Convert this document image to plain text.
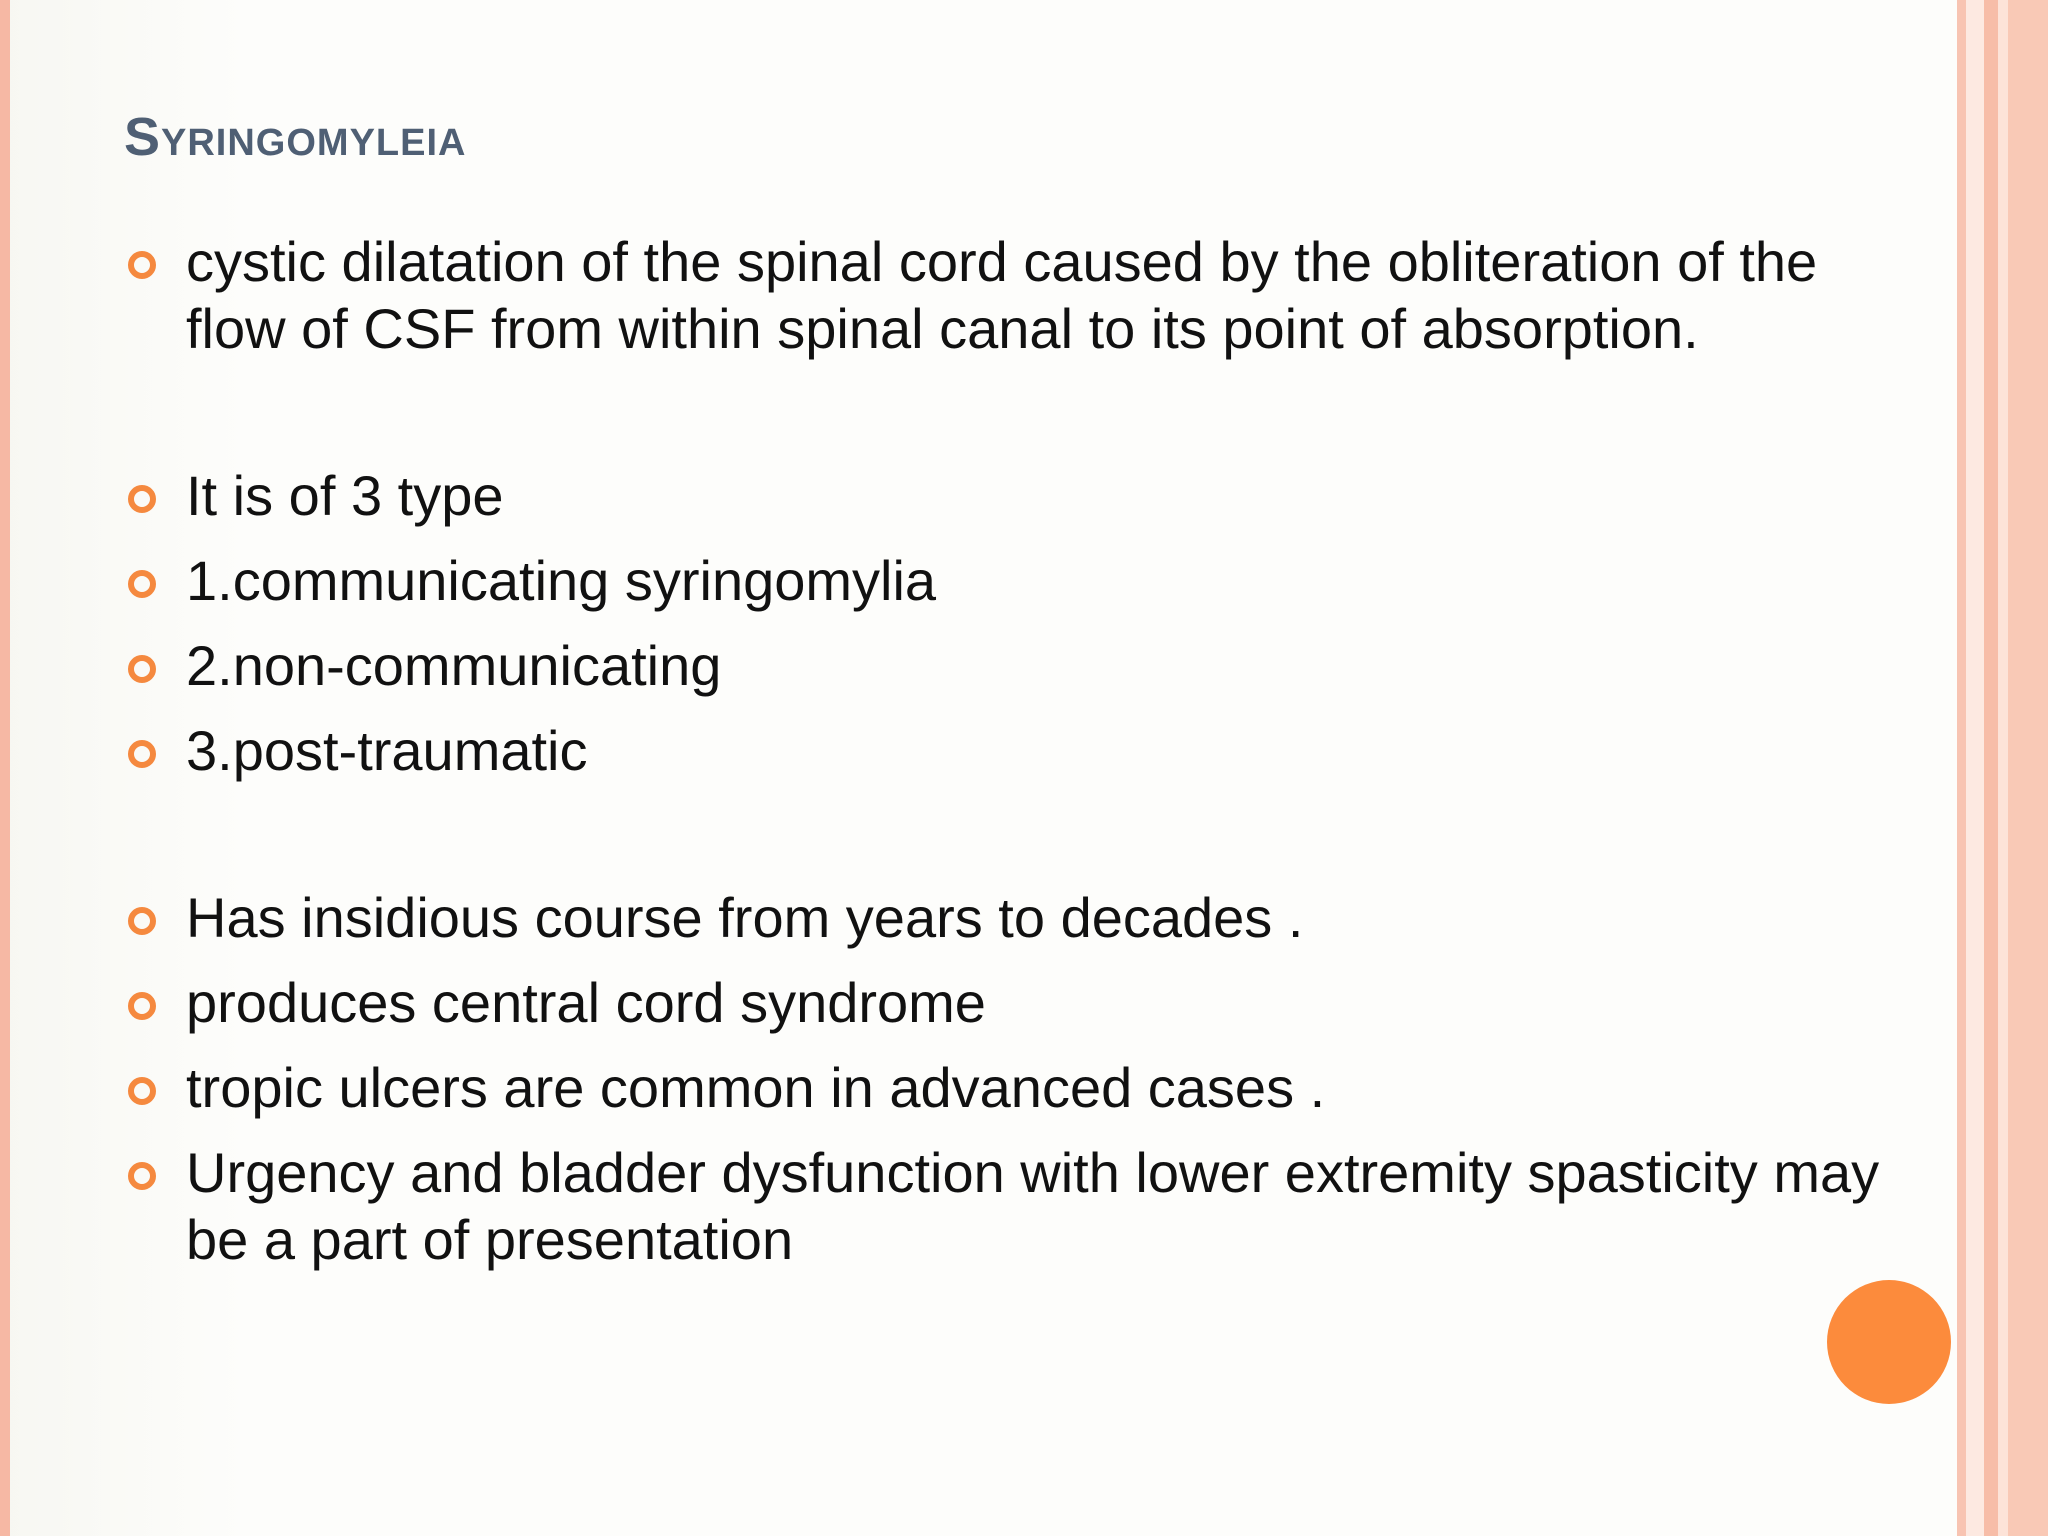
Syringomyleia
cystic dilatation of the spinal cord caused by the obliteration of the flow of CSF from within spinal canal to its point of absorption.
It is of 3 type
1.communicating syringomylia
2.non-communicating
3.post-traumatic
Has insidious course from years to decades .
produces central cord syndrome
tropic ulcers are common in advanced cases .
Urgency and bladder dysfunction with lower extremity spasticity may be a part of presentation
